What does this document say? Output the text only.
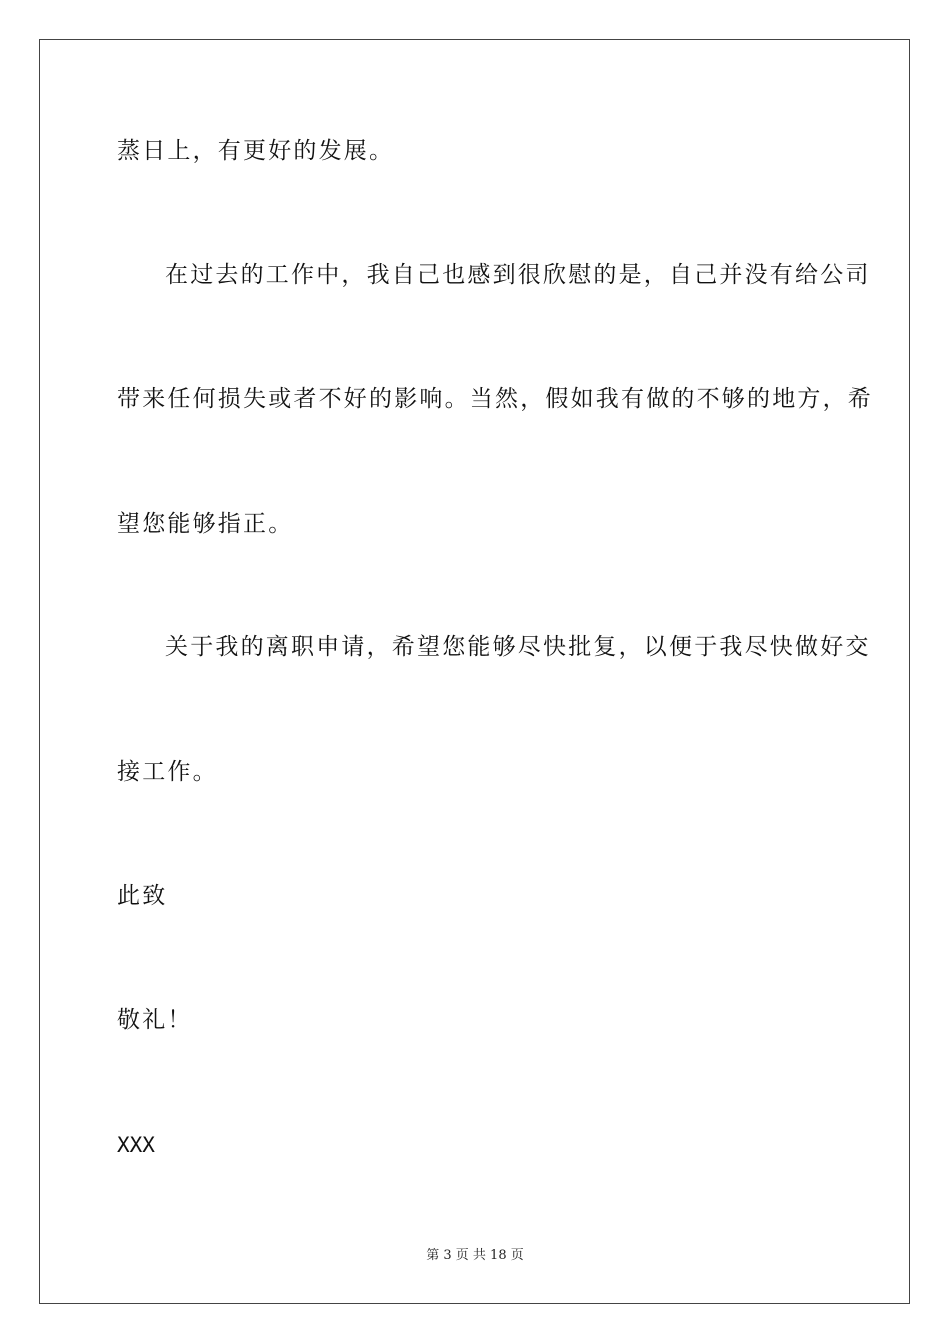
蒸日上，有更好的发展。
在过去的工作中，我自己也感到很欣慰的是，自己并没有给公司
带来任何损失或者不好的影响。当然，假如我有做的不够的地方，希
望您能够指正。
关于我的离职申请，希望您能够尽快批复，以便于我尽快做好交
接工作。
此致
敬礼！
XXX
第 3 页 共 18 页
